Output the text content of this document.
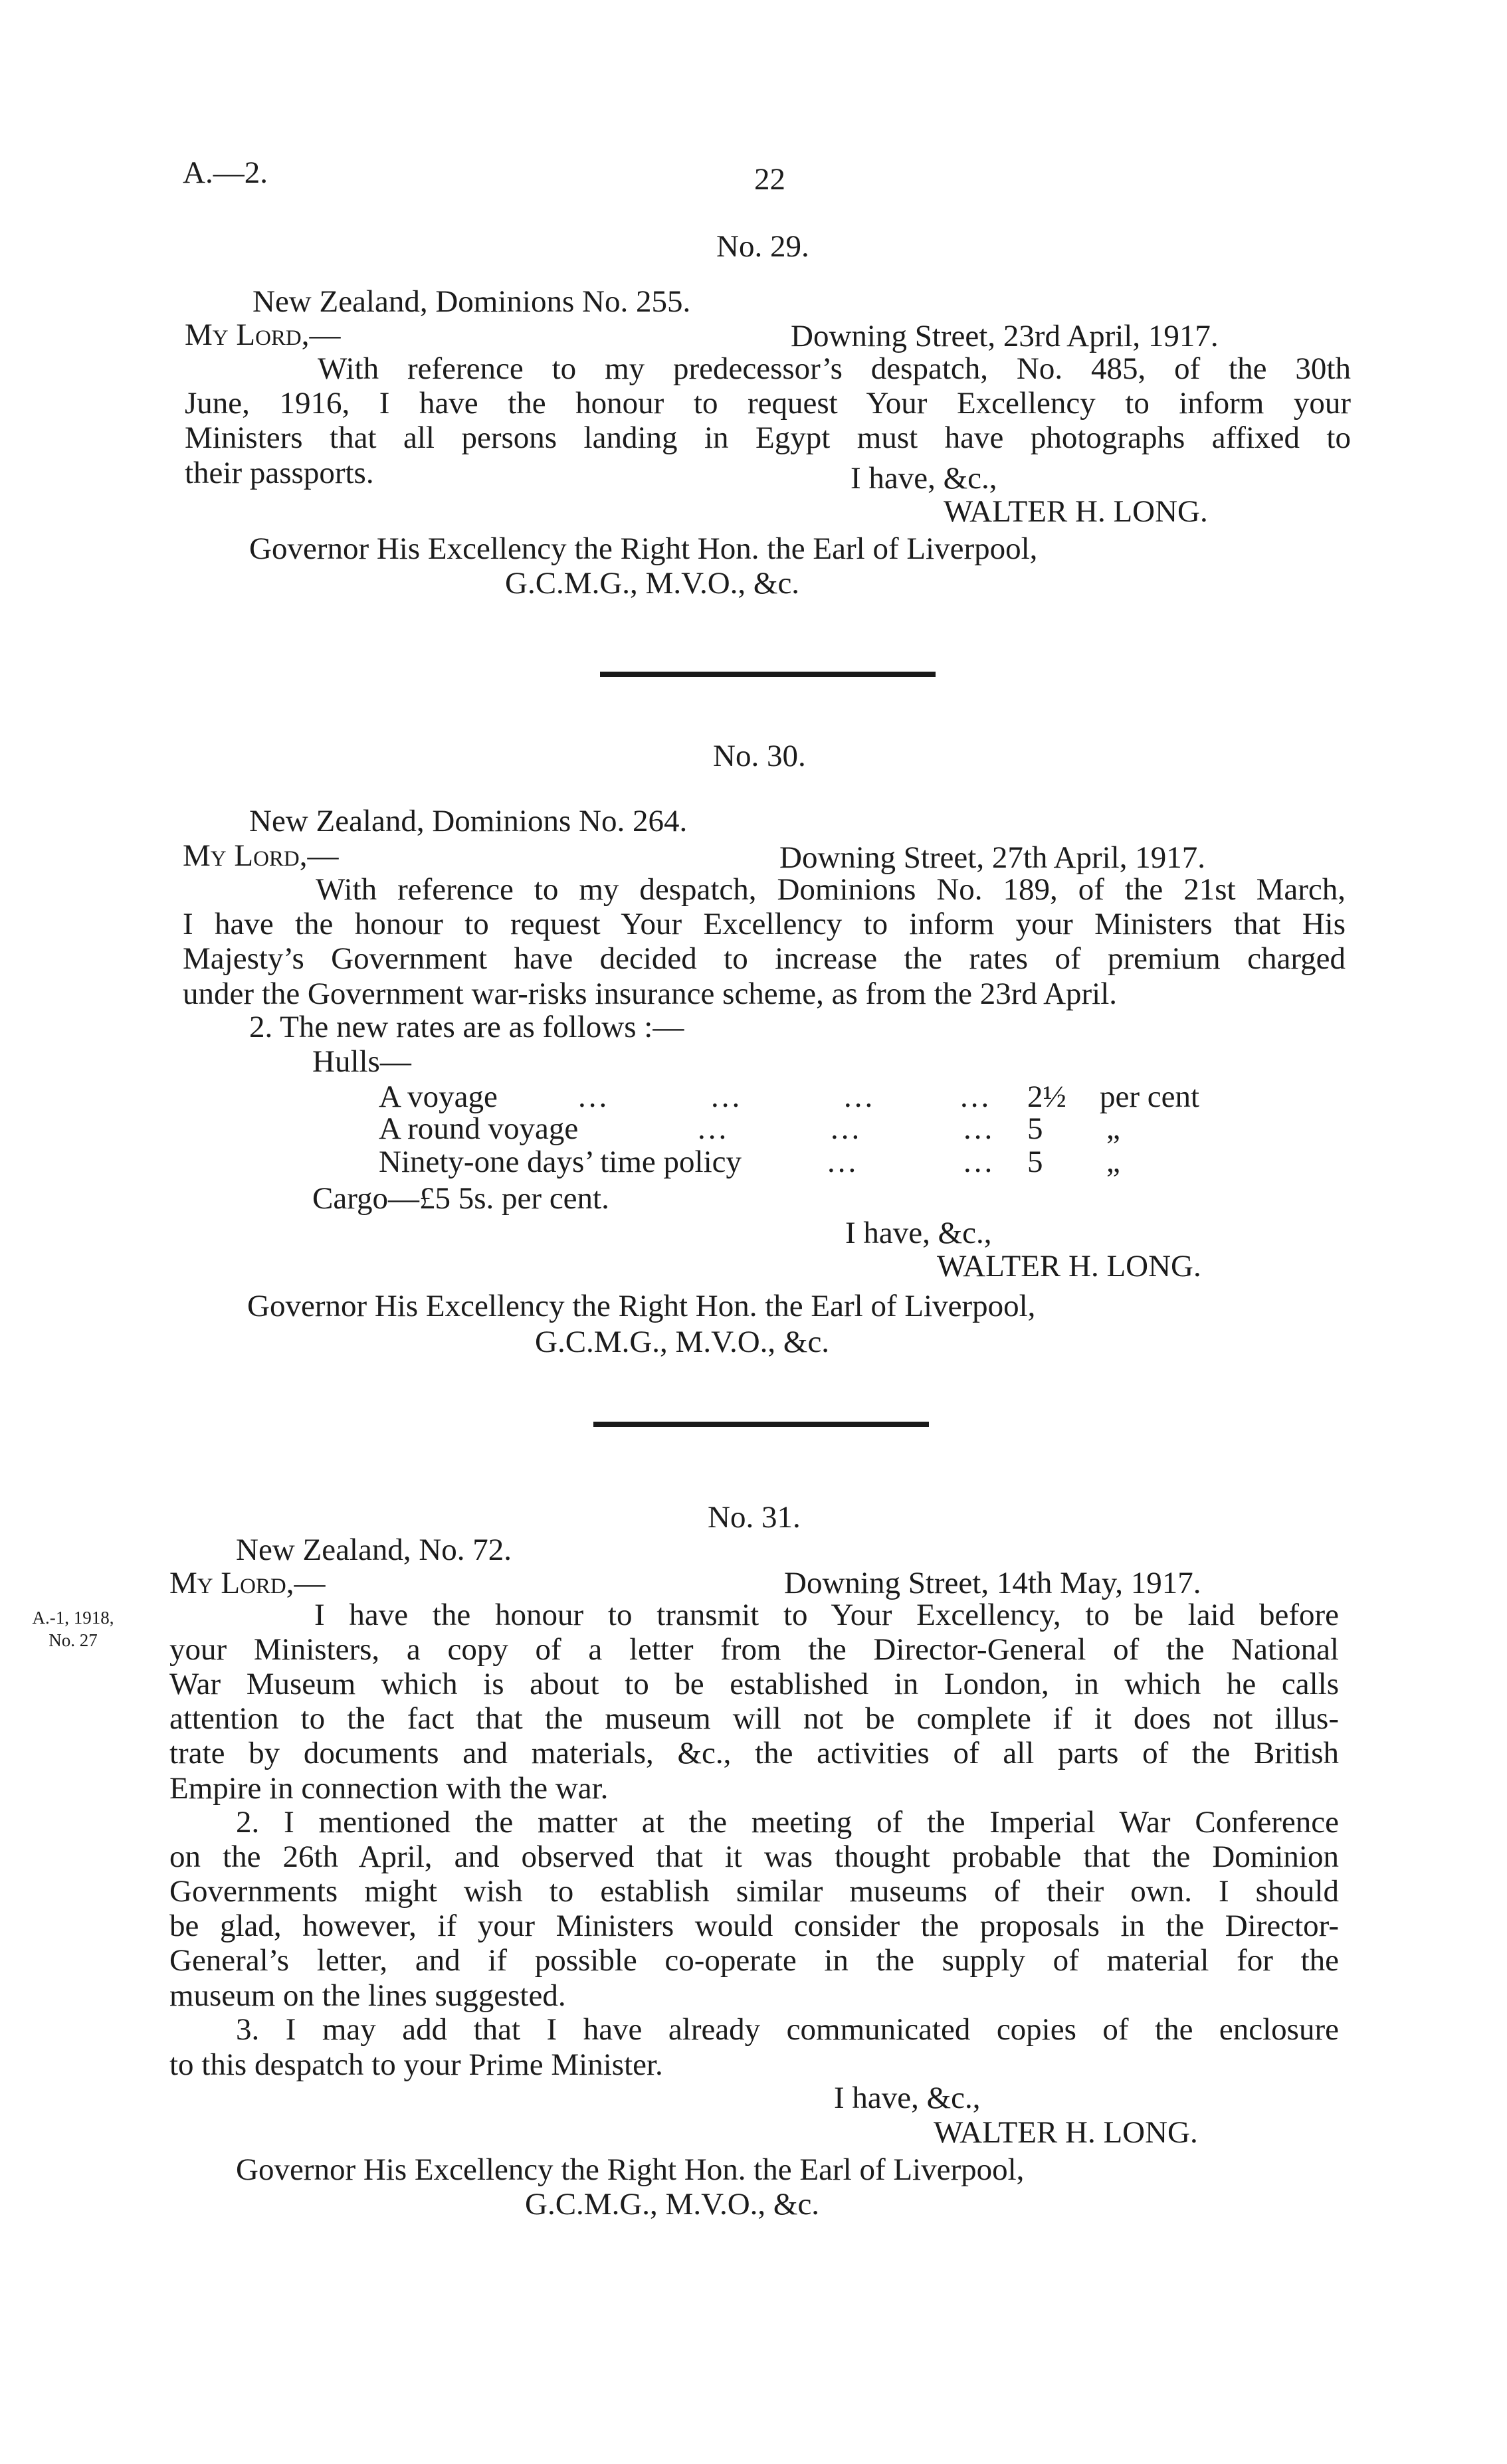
A.—2.	22
No. 29.
New Zealand, Dominions No. 255.
My Lord,—	Downing Street, 23rd April, 1917.
With reference to my predecessor’s despatch, No. 485, of the 30th
June, 1916, I have the honour to request Your Excellency to inform your
Ministers that all persons landing in Egypt must have photographs affixed to
their passports.	I have, &c.,
WALTER H. LONG.
Governor His Excellency the Right Hon. the Earl of Liverpool,
G.C.M.G., M.V.O., &c.
No. 30.
New Zealand, Dominions No. 264.
My Lord,—	Downing Street, 27th April, 1917.
With reference to my despatch, Dominions No. 189, of the 21st March,
I have the honour to request Your Excellency to inform your Ministers that His
Majesty’s Government have decided to increase the rates of premium charged
under the Government war-risks insurance scheme, as from the 23rd April.
2. The new rates are as follows :—
Hulls—
A voyage	...	...	...	... 2½ per cent
A round voyage	...	...	... 5 „
Ninety-one days’ time policy	...	... 5 „
Cargo—£5 5s. per cent.
I have, &c.,
WALTER H. LONG.
Governor His Excellency the Right Hon. the Earl of Liverpool,
G.C.M.G., M.V.O., &c.
No. 31.
New Zealand, No. 72.
My Lord,—	Downing Street, 14th May, 1917.
A.-1, 1918,
No. 27
I have the honour to transmit to Your Excellency, to be laid before
your Ministers, a copy of a letter from the Director-General of the National
War Museum which is about to be established in London, in which he calls
attention to the fact that the museum will not be complete if it does not illus-
trate by documents and materials, &c., the activities of all parts of the British
Empire in connection with the war.
2. I mentioned the matter at the meeting of the Imperial War Conference
on the 26th April, and observed that it was thought probable that the Dominion
Governments might wish to establish similar museums of their own. I should
be glad, however, if your Ministers would consider the proposals in the Director-
General’s letter, and if possible co-operate in the supply of material for the
museum on the lines suggested.
3. I may add that I have already communicated copies of the enclosure
to this despatch to your Prime Minister.
I have, &c.,
WALTER H. LONG.
Governor His Excellency the Right Hon. the Earl of Liverpool,
G.C.M.G., M.V.O., &c.
